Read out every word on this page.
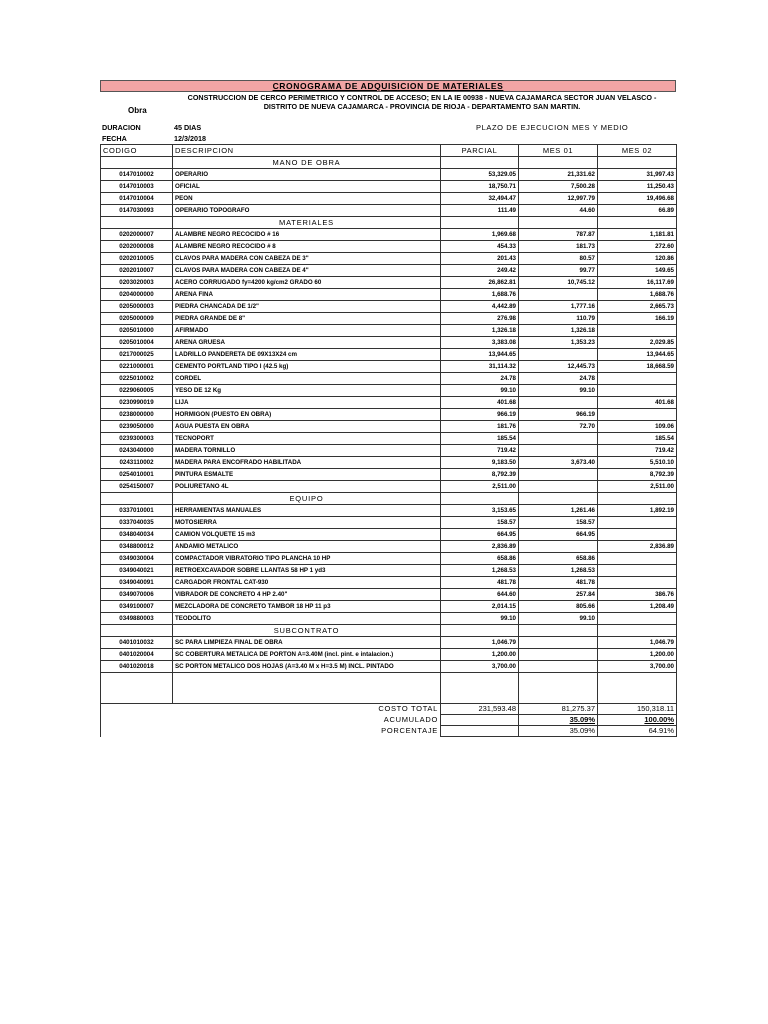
CRONOGRAMA DE ADQUISICION DE MATERIALES
Obra
CONSTRUCCION DE CERCO PERIMETRICO Y CONTROL DE ACCESO; EN LA IE 00938 - NUEVA CAJAMARCA SECTOR JUAN VELASCO - DISTRITO DE NUEVA CAJAMARCA - PROVINCIA DE RIOJA - DEPARTAMENTO SAN MARTIN.
DURACION	45 DIAS
FECHA	12/3/2018
PLAZO DE EJECUCION MES Y MEDIO
CODIGO	DESCRIPCION	PARCIAL	MES 01	MES 02
	MANO DE OBRA			
0147010002	OPERARIO	53,329.05	21,331.62	31,997.43
0147010003	OFICIAL	18,750.71	7,500.28	11,250.43
0147010004	PEON	32,494.47	12,997.79	19,496.68
0147030093	OPERARIO TOPOGRAFO	111.49	44.60	66.89
	MATERIALES			
0202000007	ALAMBRE NEGRO RECOCIDO # 16	1,969.68	787.87	1,181.81
0202000008	ALAMBRE NEGRO RECOCIDO # 8	454.33	181.73	272.60
0202010005	CLAVOS PARA MADERA CON CABEZA DE 3"	201.43	80.57	120.86
0202010007	CLAVOS PARA MADERA CON CABEZA DE 4"	249.42	99.77	149.65
0203020003	ACERO CORRUGADO fy=4200 kg/cm2 GRADO 60	26,862.81	10,745.12	16,117.69
0204000000	ARENA FINA	1,688.76		1,688.76
0205000003	PIEDRA CHANCADA DE 1/2"	4,442.89	1,777.16	2,665.73
0205000009	PIEDRA GRANDE DE 8"	276.98	110.79	166.19
0205010000	AFIRMADO	1,326.18	1,326.18	
0205010004	ARENA GRUESA	3,383.08	1,353.23	2,029.85
0217000025	LADRILLO PANDERETA DE 09X13X24 cm	13,944.65		13,944.65
0221000001	CEMENTO PORTLAND TIPO I (42.5 kg)	31,114.32	12,445.73	18,668.59
0225010002	CORDEL	24.78	24.78	
0229060005	YESO DE 12 Kg	99.10	99.10	
0230990019	LIJA	401.68		401.68
0238000000	HORMIGON (PUESTO EN OBRA)	966.19	966.19	
0239050000	AGUA PUESTA EN OBRA	181.76	72.70	109.06
0239300003	TECNOPORT	185.54		185.54
0243040000	MADERA TORNILLO	719.42		719.42
0243110002	MADERA PARA ENCOFRADO HABILITADA	9,183.50	3,673.40	5,510.10
0254010001	PINTURA ESMALTE	8,792.39		8,792.39
0254150007	POLIURETANO 4L	2,511.00		2,511.00
	EQUIPO			
0337010001	HERRAMIENTAS MANUALES	3,153.65	1,261.46	1,892.19
0337040035	MOTOSIERRA	158.57	158.57	
0348040034	CAMION VOLQUETE 15 m3	664.95	664.95	
0348800012	ANDAMIO METALICO	2,836.89		2,836.89
0349030004	COMPACTADOR VIBRATORIO TIPO PLANCHA 10 HP	658.86	658.86	
0349040021	RETROEXCAVADOR SOBRE LLANTAS 58 HP 1 yd3	1,268.53	1,268.53	
0349040091	CARGADOR FRONTAL CAT-930	481.78	481.78	
0349070006	VIBRADOR DE CONCRETO 4 HP 2.40"	644.60	257.84	386.76
0349100007	MEZCLADORA DE CONCRETO TAMBOR 18 HP 11 p3	2,014.15	805.66	1,208.49
0349880003	TEODOLITO	99.10	99.10	
	SUBCONTRATO			
0401010032	SC PARA LIMPIEZA FINAL DE OBRA	1,046.79		1,046.79
0401020004	SC COBERTURA METALICA DE PORTON A=3.40M (incl. pint. e intalacion.)	1,200.00		1,200.00
0401020018	SC PORTON METALICO DOS HOJAS (A=3.40 M x H=3.5 M) INCL. PINTADO	3,700.00		3,700.00

COSTO TOTAL		231,593.48	81,275.37	150,318.11
ACUMULADO			35.09%	100.00%
PORCENTAJE			35.09%	64.91%
